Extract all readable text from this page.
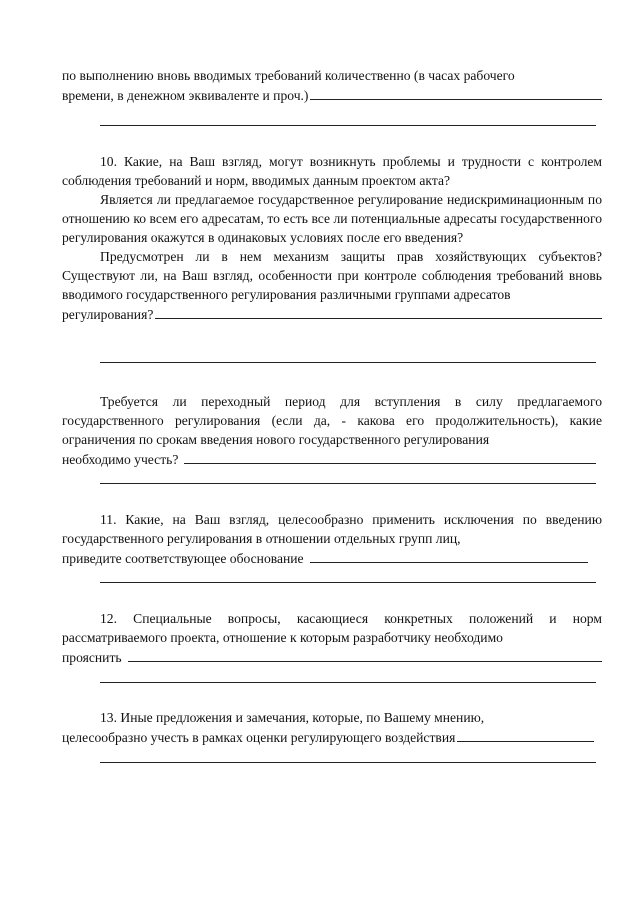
по выполнению вновь вводимых требований количественно (в часах рабочего

времени, в денежном эквиваленте и проч.)

10. Какие, на Ваш взгляд, могут возникнуть проблемы и трудности с контролем соблюдения требований и норм, вводимых данным проектом акта?

Является ли предлагаемое государственное регулирование недискриминационным по отношению ко всем его адресатам, то есть все ли потенциальные адресаты государственного регулирования окажутся в одинаковых условиях после его введения?

Предусмотрен ли в нем механизм защиты прав хозяйствующих субъектов? Существуют ли, на Ваш взгляд, особенности при контроле соблюдения требований вновь вводимого государственного регулирования различными группами адресатов

регулирования?

Требуется ли переходный период для вступления в силу предлагаемого государственного регулирования (если да, - какова его продолжительность), какие ограничения по срокам введения нового государственного регулирования

необходимо учесть?

11. Какие, на Ваш взгляд, целесообразно применить исключения по введению государственного регулирования в отношении отдельных групп лиц,

приведите соответствующее обоснование

12. Специальные вопросы, касающиеся конкретных положений и норм рассматриваемого проекта, отношение к которым разработчику необходимо

прояснить

13. Иные предложения и замечания, которые, по Вашему мнению,

целесообразно учесть в рамках оценки регулирующего воздействия
